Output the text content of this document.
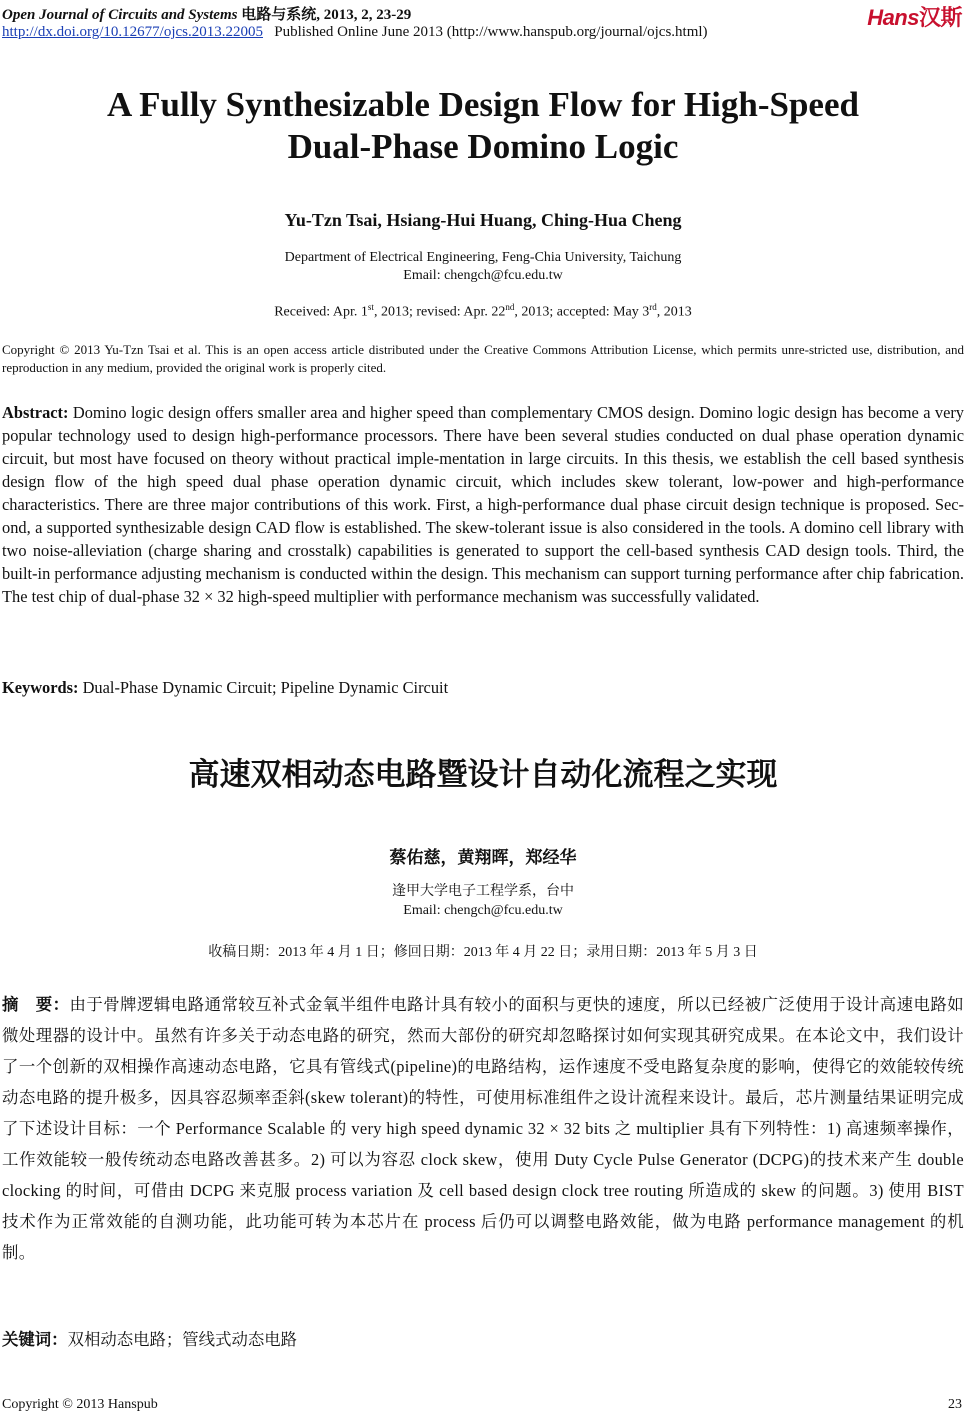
Open Journal of Circuits and Systems 电路与系统, 2013, 2, 23-29
http://dx.doi.org/10.12677/ojcs.2013.22005 Published Online June 2013 (http://www.hanspub.org/journal/ojcs.html)
Hans汉斯
A Fully Synthesizable Design Flow for High-Speed
Dual-Phase Domino Logic
Yu-Tzn Tsai, Hsiang-Hui Huang, Ching-Hua Cheng
Department of Electrical Engineering, Feng-Chia University, Taichung
Email: chengch@fcu.edu.tw
Received: Apr. 1st, 2013; revised: Apr. 22nd, 2013; accepted: May 3rd, 2013
Copyright © 2013 Yu-Tzn Tsai et al. This is an open access article distributed under the Creative Commons Attribution License, which permits unre-stricted use, distribution, and reproduction in any medium, provided the original work is properly cited.
Abstract: Domino logic design offers smaller area and higher speed than complementary CMOS design. Domino logic design has become a very popular technology used to design high-performance processors. There have been several studies conducted on dual phase operation dynamic circuit, but most have focused on theory without practical imple-mentation in large circuits. In this thesis, we establish the cell based synthesis design flow of the high speed dual phase operation dynamic circuit, which includes skew tolerant, low-power and high-performance characteristics. There are three major contributions of this work. First, a high-performance dual phase circuit design technique is proposed. Sec-ond, a supported synthesizable design CAD flow is established. The skew-tolerant issue is also considered in the tools. A domino cell library with two noise-alleviation (charge sharing and crosstalk) capabilities is generated to support the cell-based synthesis CAD design tools. Third, the built-in performance adjusting mechanism is conducted within the design. This mechanism can support turning performance after chip fabrication. The test chip of dual-phase 32 × 32 high-speed multiplier with performance mechanism was successfully validated.
Keywords: Dual-Phase Dynamic Circuit; Pipeline Dynamic Circuit
高速双相动态电路暨设计自动化流程之实现
蔡佑慈，黄翔晖，郑经华
逢甲大学电子工程学系，台中
Email: chengch@fcu.edu.tw
收稿日期：2013 年 4 月 1 日；修回日期：2013 年 4 月 22 日；录用日期：2013 年 5 月 3 日
摘　要：由于骨牌逻辑电路通常较互补式金氧半组件电路计具有较小的面积与更快的速度，所以已经被广泛使用于设计高速电路如微处理器的设计中。虽然有许多关于动态电路的研究，然而大部份的研究却忽略探讨如何实现其研究成果。在本论文中，我们设计了一个创新的双相操作高速动态电路，它具有管线式(pipeline)的电路结构，运作速度不受电路复杂度的影响，使得它的效能较传统动态电路的提升极多，因具容忍频率歪斜(skew tolerant)的特性，可使用标准组件之设计流程来设计。最后，芯片测量结果证明完成了下述设计目标：一个 Performance Scalable 的 very high speed dynamic 32 × 32 bits 之 multiplier 具有下列特性：1) 高速频率操作，工作效能较一般传统动态电路改善甚多。2) 可以为容忍 clock skew，使用 Duty Cycle Pulse Generator (DCPG)的技术来产生 double clocking 的时间，可借由 DCPG 来克服 process variation 及 cell based design clock tree routing 所造成的 skew 的问题。3) 使用 BIST 技术作为正常效能的自测功能，此功能可转为本芯片在 process 后仍可以调整电路效能，做为电路 performance management 的机制。
关键词：双相动态电路；管线式动态电路
Copyright © 2013 Hanspub	23
